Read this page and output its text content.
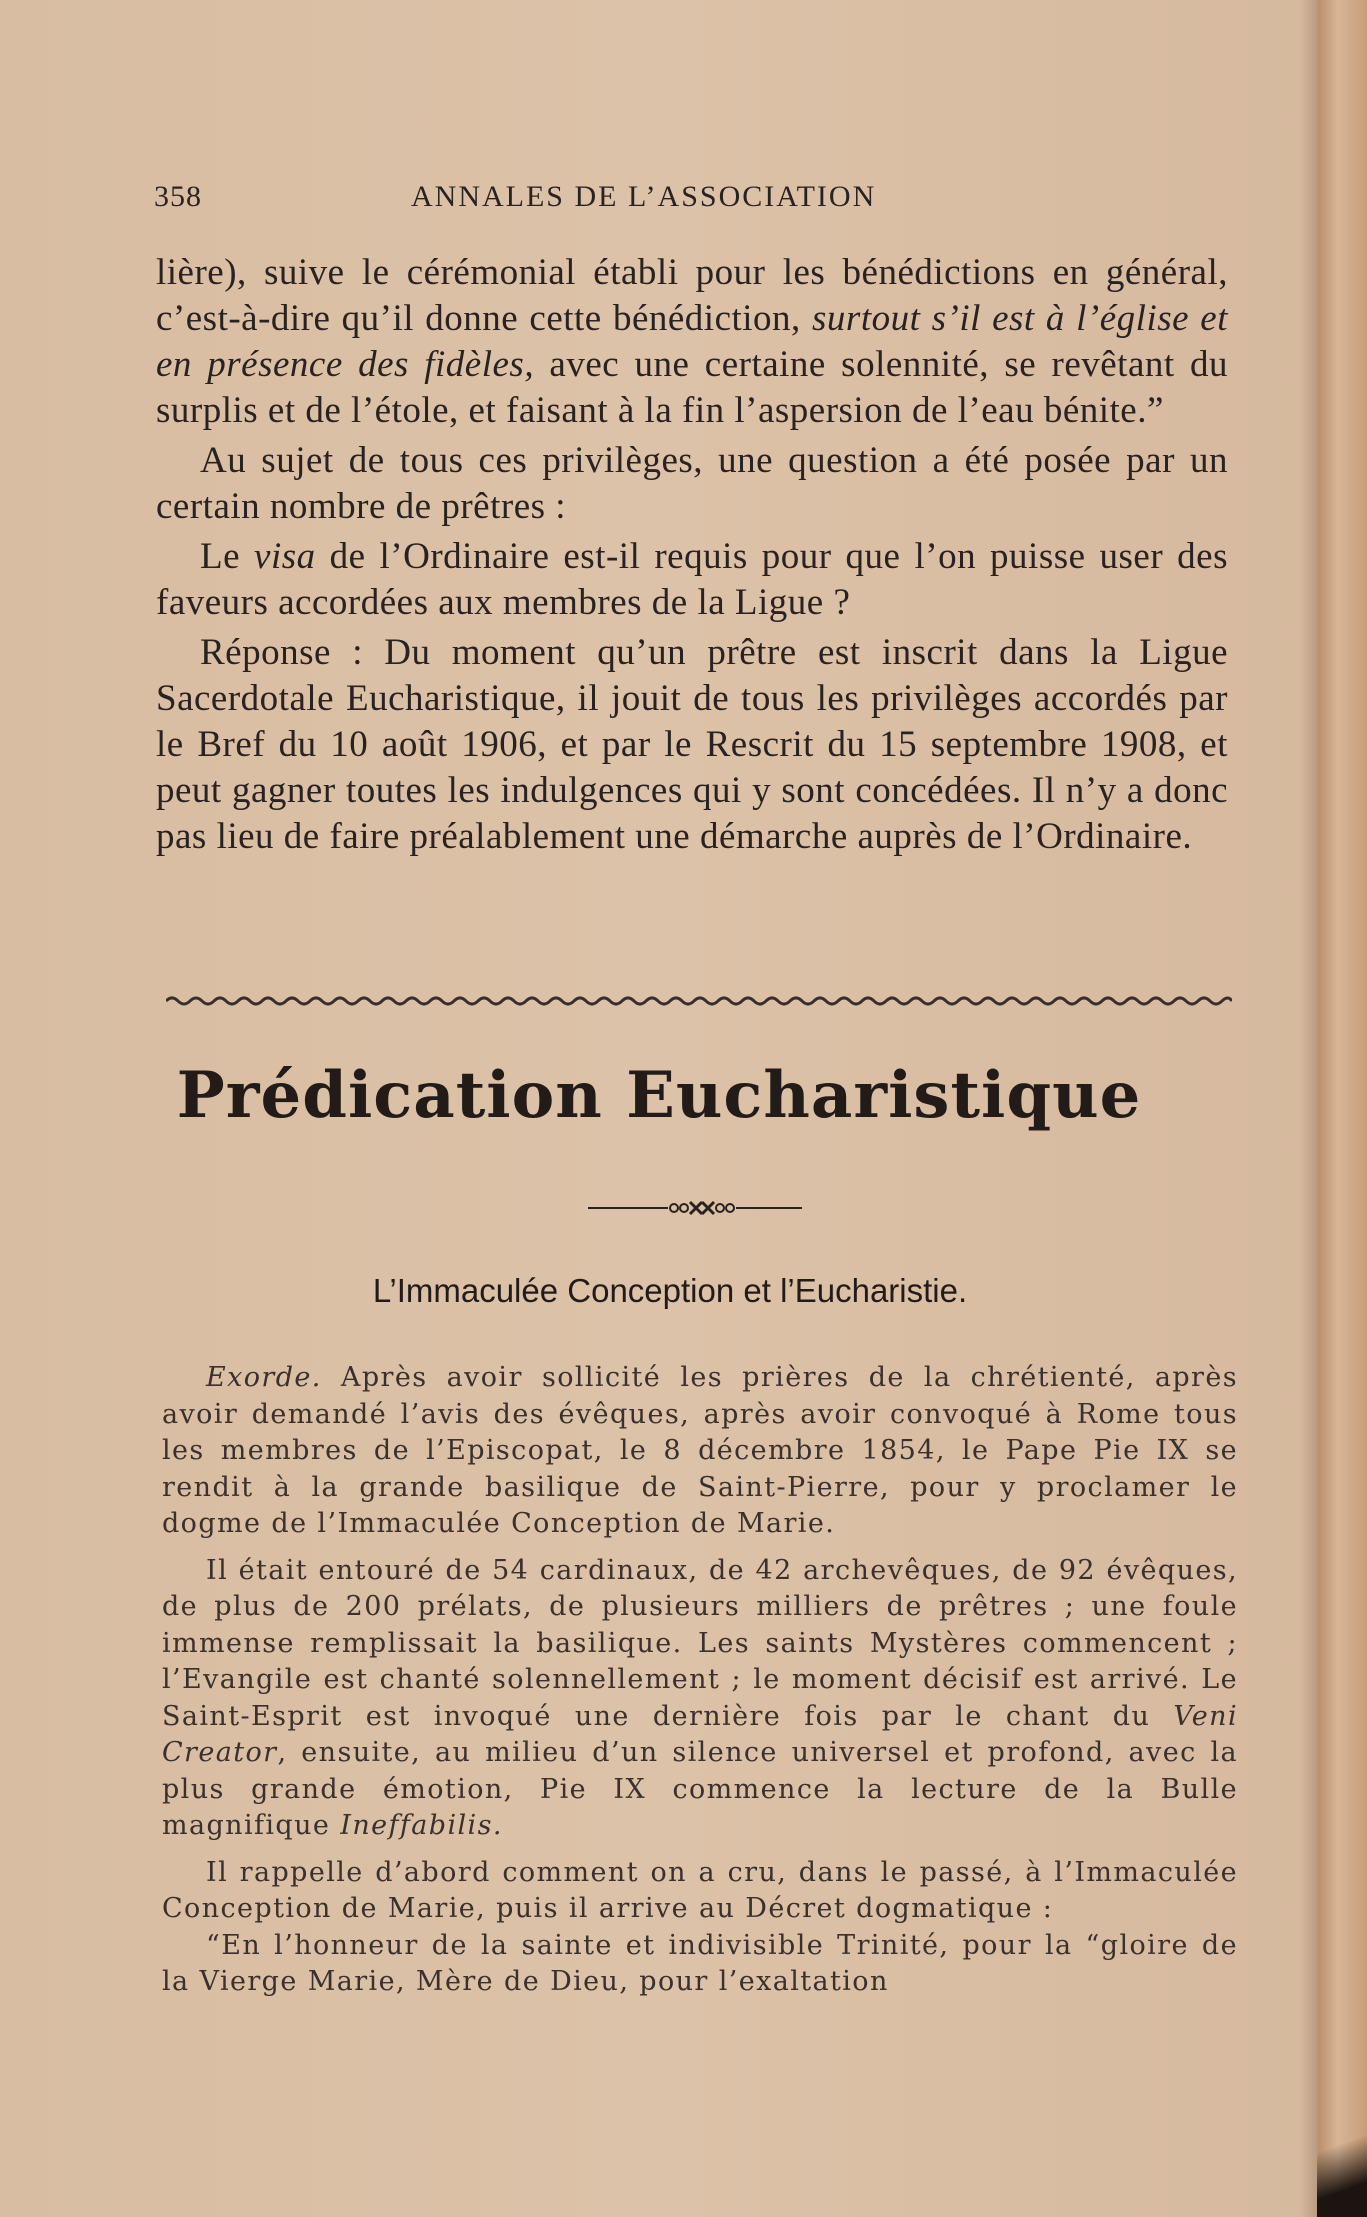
358	ANNALES DE L’ASSOCIATION

lière), suive le cérémonial établi pour les bénédictions en général, c’est-à-dire qu’il donne cette bénédiction, surtout s’il est à l’église et en présence des fidèles, avec une certaine solennité, se revêtant du surplis et de l’étole, et faisant à la fin l’aspersion de l’eau bénite.”

Au sujet de tous ces privilèges, une question a été posée par un certain nombre de prêtres :

Le visa de l’Ordinaire est-il requis pour que l’on puisse user des faveurs accordées aux membres de la Ligue ?

Réponse : Du moment qu’un prêtre est inscrit dans la Ligue Sacerdotale Eucharistique, il jouit de tous les privilèges accordés par le Bref du 10 août 1906, et par le Rescrit du 15 septembre 1908, et peut gagner toutes les indulgences qui y sont concédées. Il n’y a donc pas lieu de faire préalablement une démarche auprès de l’Ordinaire.

Prédication Eucharistique
L’Immaculée Conception et l’Eucharistie.

Exorde. Après avoir sollicité les prières de la chrétienté, après avoir demandé l’avis des évêques, après avoir convoqué à Rome tous les membres de l’Episcopat, le 8 décembre 1854, le Pape Pie IX se rendit à la grande basilique de Saint-Pierre, pour y proclamer le dogme de l’Immaculée Conception de Marie.

Il était entouré de 54 cardinaux, de 42 archevêques, de 92 évêques, de plus de 200 prélats, de plusieurs milliers de prêtres ; une foule immense remplissait la basilique. Les saints Mystères commencent ; l’Evangile est chanté solennellement ; le moment décisif est arrivé. Le Saint-Esprit est invoqué une dernière fois par le chant du Veni Creator, ensuite, au milieu d’un silence universel et profond, avec la plus grande émotion, Pie IX commence la lecture de la Bulle magnifique Ineffabilis.

Il rappelle d’abord comment on a cru, dans le passé, à l’Immaculée Conception de Marie, puis il arrive au Décret dogmatique :

“En l’honneur de la sainte et indivisible Trinité, pour la “gloire de la Vierge Marie, Mère de Dieu, pour l’exaltation
